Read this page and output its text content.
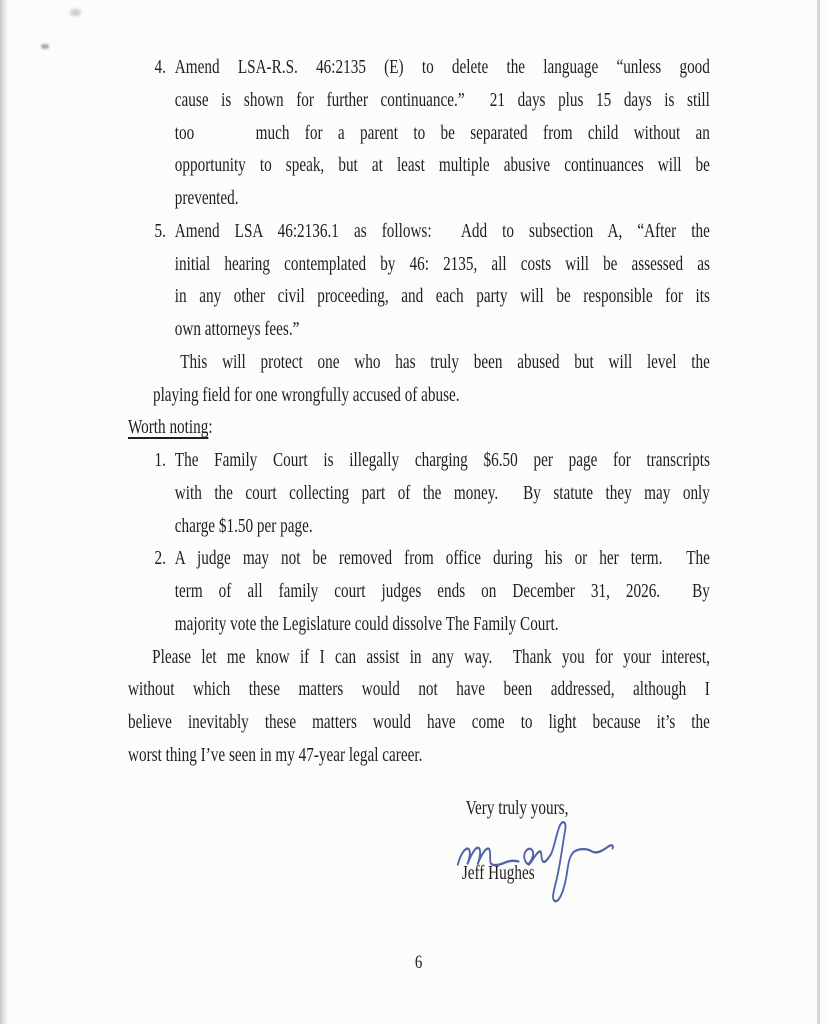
4. Amend LSA-R.S. 46:2135 (E) to delete the language “unless good
cause is shown for further continuance.”  21 days plus 15 days is still
too    much for a parent to be separated from child without an
opportunity to speak, but at least multiple abusive continuances will be
prevented.
5. Amend LSA 46:2136.1 as follows:  Add to subsection A, “After the
initial hearing contemplated by 46: 2135, all costs will be assessed as
in any other civil proceeding, and each party will be responsible for its
own attorneys fees.”
This will protect one who has truly been abused but will level the
playing field for one wrongfully accused of abuse.
Worth noting:
1. The Family Court is illegally charging $6.50 per page for transcripts
with the court collecting part of the money.  By statute they may only
charge $1.50 per page.
2. A judge may not be removed from office during his or her term.  The
term of all family court judges ends on December 31, 2026.  By
majority vote the Legislature could dissolve The Family Court.
Please let me know if I can assist in any way.  Thank you for your interest,
without which these matters would not have been addressed, although I
believe inevitably these matters would have come to light because it’s the
worst thing I’ve seen in my 47-year legal career.
Very truly yours,
Jeff Hughes
6
